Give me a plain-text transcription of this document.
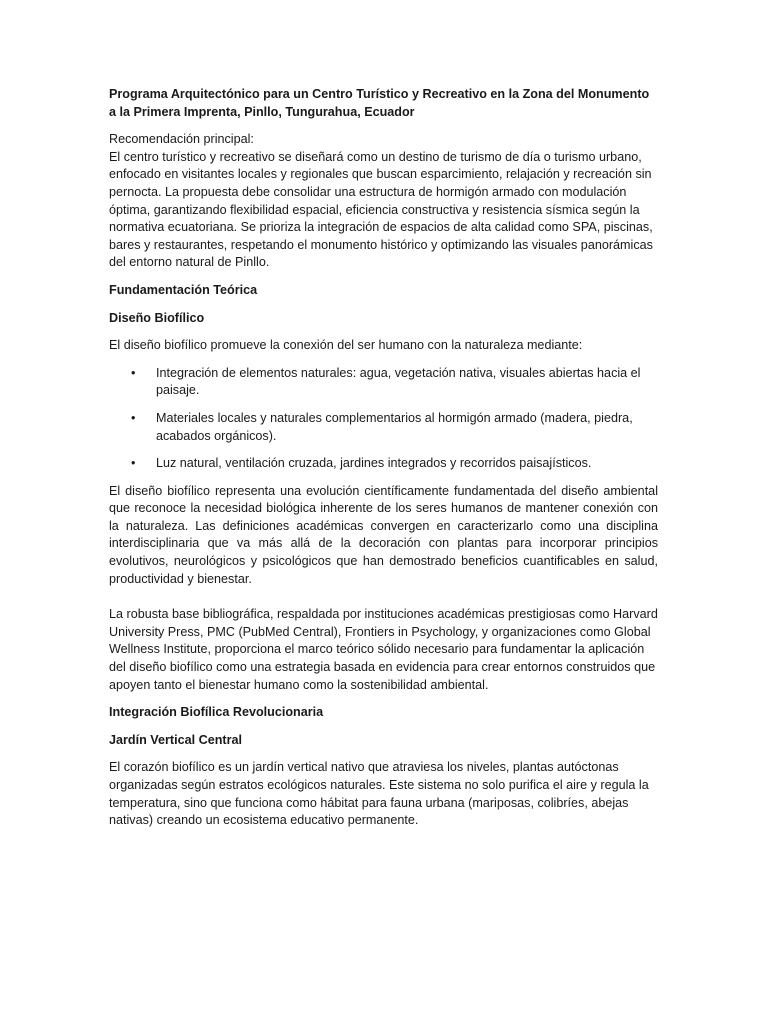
Programa Arquitectónico para un Centro Turístico y Recreativo en la Zona del Monumento a la Primera Imprenta, Pinllo, Tungurahua, Ecuador

Recomendación principal:
El centro turístico y recreativo se diseñará como un destino de turismo de día o turismo urbano, enfocado en visitantes locales y regionales que buscan esparcimiento, relajación y recreación sin pernocta. La propuesta debe consolidar una estructura de hormigón armado con modulación óptima, garantizando flexibilidad espacial, eficiencia constructiva y resistencia sísmica según la normativa ecuatoriana. Se prioriza la integración de espacios de alta calidad como SPA, piscinas, bares y restaurantes, respetando el monumento histórico y optimizando las visuales panorámicas del entorno natural de Pinllo.

Fundamentación Teórica
Diseño Biofílico

El diseño biofílico promueve la conexión del ser humano con la naturaleza mediante:

• Integración de elementos naturales: agua, vegetación nativa, visuales abiertas hacia el paisaje.
• Materiales locales y naturales complementarios al hormigón armado (madera, piedra, acabados orgánicos).
• Luz natural, ventilación cruzada, jardines integrados y recorridos paisajísticos.

El diseño biofílico representa una evolución científicamente fundamentada del diseño ambiental que reconoce la necesidad biológica inherente de los seres humanos de mantener conexión con la naturaleza. Las definiciones académicas convergen en caracterizarlo como una disciplina interdisciplinaria que va más allá de la decoración con plantas para incorporar principios evolutivos, neurológicos y psicológicos que han demostrado beneficios cuantificables en salud, productividad y bienestar.

La robusta base bibliográfica, respaldada por instituciones académicas prestigiosas como Harvard University Press, PMC (PubMed Central), Frontiers in Psychology, y organizaciones como Global Wellness Institute, proporciona el marco teórico sólido necesario para fundamentar la aplicación del diseño biofílico como una estrategia basada en evidencia para crear entornos construidos que apoyen tanto el bienestar humano como la sostenibilidad ambiental.

Integración Biofílica Revolucionaria
Jardín Vertical Central

El corazón biofílico es un jardín vertical nativo que atraviesa los niveles, plantas autóctonas organizadas según estratos ecológicos naturales. Este sistema no solo purifica el aire y regula la temperatura, sino que funciona como hábitat para fauna urbana (mariposas, colibríes, abejas nativas) creando un ecosistema educativo permanente.
